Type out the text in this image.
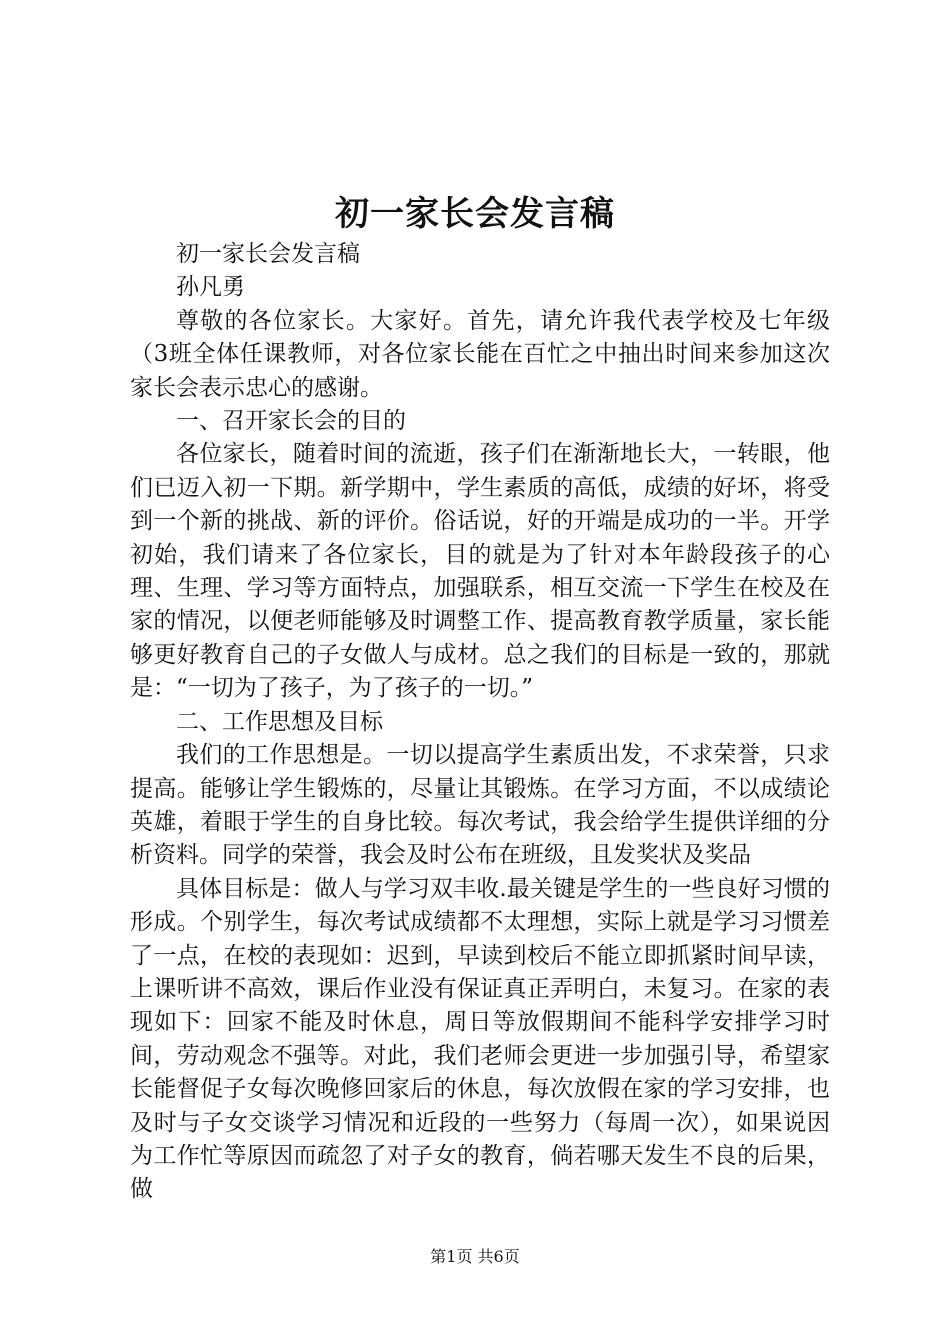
初一家长会发言稿

初一家长会发言稿

孙凡勇

尊敬的各位家长。大家好。首先，请允许我代表学校及七年级（3班全体任课教师，对各位家长能在百忙之中抽出时间来参加这次家长会表示忠心的感谢。

一、召开家长会的目的

各位家长，随着时间的流逝，孩子们在渐渐地长大，一转眼，他们已迈入初一下期。新学期中，学生素质的高低，成绩的好坏，将受到一个新的挑战、新的评价。俗话说，好的开端是成功的一半。开学初始，我们请来了各位家长，目的就是为了针对本年龄段孩子的心理、生理、学习等方面特点，加强联系，相互交流一下学生在校及在家的情况，以便老师能够及时调整工作、提高教育教学质量，家长能够更好教育自己的子女做人与成材。总之我们的目标是一致的，那就是：“一切为了孩子，为了孩子的一切。”

二、工作思想及目标

我们的工作思想是。一切以提高学生素质出发，不求荣誉，只求提高。能够让学生锻炼的，尽量让其锻炼。在学习方面，不以成绩论英雄，着眼于学生的自身比较。每次考试，我会给学生提供详细的分析资料。同学的荣誉，我会及时公布在班级，且发奖状及奖品

具体目标是：做人与学习双丰收.最关键是学生的一些良好习惯的形成。个别学生，每次考试成绩都不太理想，实际上就是学习习惯差了一点，在校的表现如：迟到，早读到校后不能立即抓紧时间早读，上课听讲不高效，课后作业没有保证真正弄明白，未复习。在家的表现如下：回家不能及时休息，周日等放假期间不能科学安排学习时间，劳动观念不强等。对此，我们老师会更进一步加强引导，希望家长能督促子女每次晚修回家后的休息，每次放假在家的学习安排，也及时与子女交谈学习情况和近段的一些努力（每周一次），如果说因为工作忙等原因而疏忽了对子女的教育，倘若哪天发生不良的后果，做

第1页 共6页
